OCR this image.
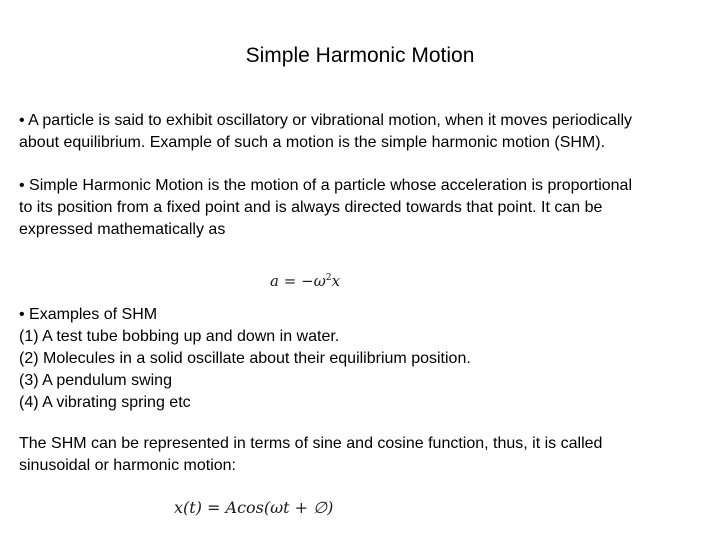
Simple Harmonic Motion

• A particle is said to exhibit oscillatory or vibrational motion, when it moves periodically
about equilibrium. Example of such a motion is the simple harmonic motion (SHM).

• Simple Harmonic Motion is the motion of a particle whose acceleration is proportional
to its position from a fixed point and is always directed towards that point. It can be
expressed mathematically as

$a = -\omega^2x$

• Examples of SHM
(1) A test tube bobbing up and down in water.
(2) Molecules in a solid oscillate about their equilibrium position.
(3) A pendulum swing
(4) A vibrating spring etc

The SHM can be represented in terms of sine and cosine function, thus, it is called
sinusoidal or harmonic motion:

x(t) = Acos(ωt + ∅)
